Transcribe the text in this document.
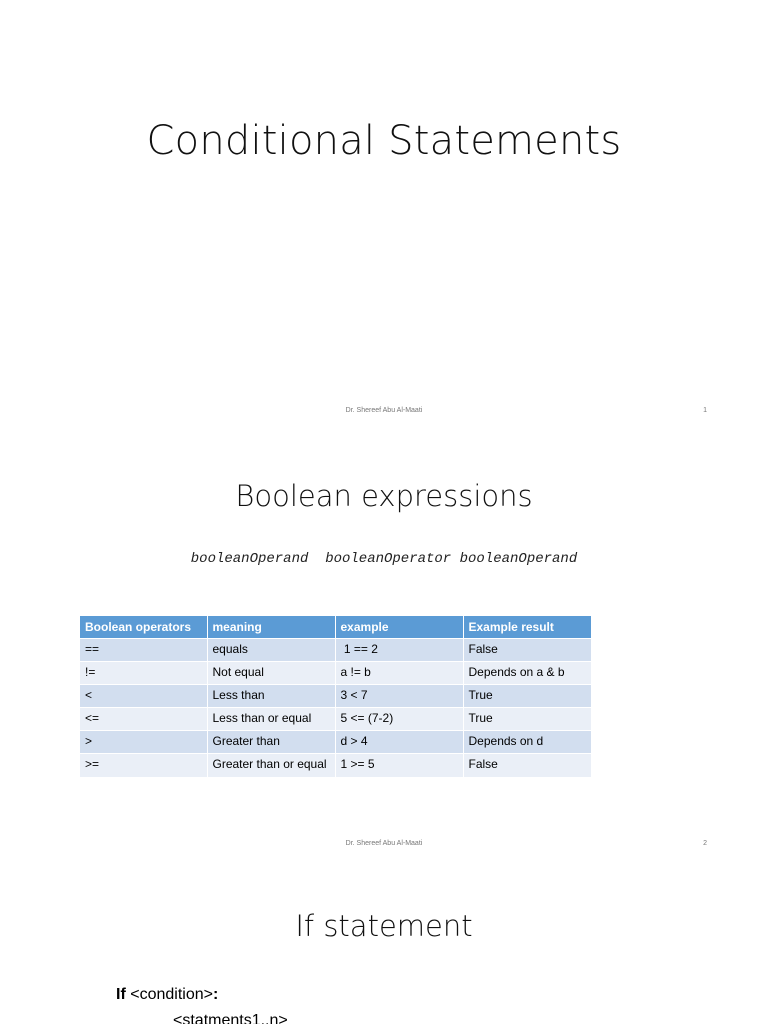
Conditional Statements
Dr. Shereef Abu Al-Maati	1
Boolean expressions
booleanOperand  booleanOperator booleanOperand
Boolean operators	meaning	example	Example result
==	equals	1 == 2	False
!=	Not equal	a != b	Depends on a & b
<	Less than	3 < 7	True
<=	Less than or equal	5 <= (7-2)	True
>	Greater than	d > 4	Depends on d
>=	Greater than or equal	1 >= 5	False
Dr. Shereef Abu Al-Maati	2
If statement
If <condition>:
<statments1..n>
